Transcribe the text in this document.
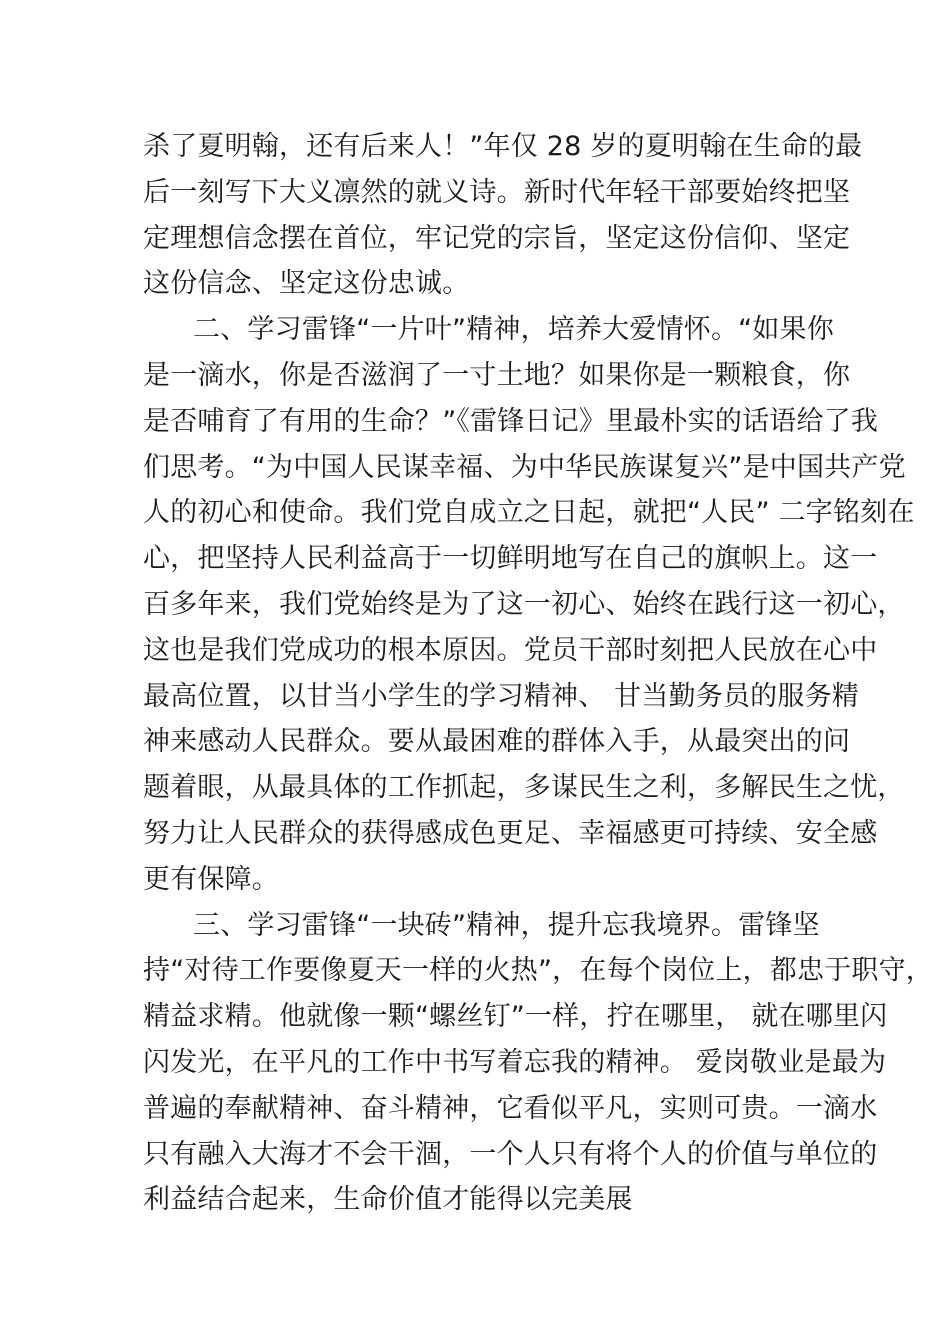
杀了夏明翰，还有后来人！”年仅 28 岁的夏明翰在生命的最
后一刻写下大义凛然的就义诗。新时代年轻干部要始终把坚
定理想信念摆在首位，牢记党的宗旨，坚定这份信仰、坚定
这份信念、坚定这份忠诚。
二、学习雷锋“一片叶”精神，培养大爱情怀。“如果你
是一滴水，你是否滋润了一寸土地？如果你是一颗粮食，你
是否哺育了有用的生命？”《雷锋日记》里最朴实的话语给了我
们思考。“为中国人民谋幸福、为中华民族谋复兴”是中国共产党
人的初心和使命。我们党自成立之日起，就把“人民” 二字铭刻在
心，把坚持人民利益高于一切鲜明地写在自己的旗帜上。这一
百多年来，我们党始终是为了这一初心、始终在践行这一初心，
这也是我们党成功的根本原因。党员干部时刻把人民放在心中
最高位置，以甘当小学生的学习精神、 甘当勤务员的服务精
神来感动人民群众。要从最困难的群体入手，从最突出的问
题着眼，从最具体的工作抓起，多谋民生之利，多解民生之忧，
努力让人民群众的获得感成色更足、幸福感更可持续、安全感
更有保障。
三、学习雷锋“一块砖”精神，提升忘我境界。雷锋坚
持“对待工作要像夏天一样的火热”，在每个岗位上，都忠于职守，
精益求精。他就像一颗“螺丝钉”一样，拧在哪里， 就在哪里闪
闪发光，在平凡的工作中书写着忘我的精神。 爱岗敬业是最为
普遍的奉献精神、奋斗精神，它看似平凡，实则可贵。一滴水
只有融入大海才不会干涸，一个人只有将个人的价值与单位的
利益结合起来，生命价值才能得以完美展
